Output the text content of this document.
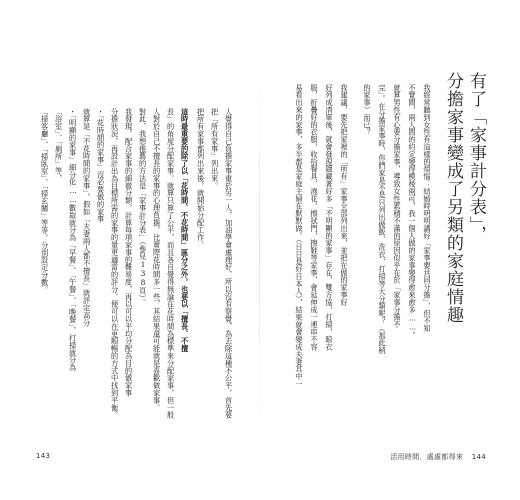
有了「家事計分表」，
分擔家事變成了另類的家庭情趣
我經常聽到女性有這樣的煩惱：結婚時明明講好「家事要共同分擔」，但不知
不覺間，兩人間的約定變得模稜兩可，我一個人做的家事變得愈來愈多……。
就算男性有心要分擔家事，導致女性累積不滿的原因似乎在於「家事分擔不
完」。在分擔家事時，你們家是不是只列出做飯、洗衣、打掃等大分類呢？（那此稍
的家事）而已？
我建議，要先把家裡的「所有」家事全部列出來，並把在做的家事好
好列成清單後，就會發現隱藏著好多「不明顯的家事」存在，雙方協，打掃，晾衣
服，折疊好的衣服，收拾餐具，澆花，擦拭門，擦鞋等家事，會延伸成一連串不容
易看出來的家事，多半都是家庭主婦在默默做。（日日是好日本人），結果就會變成夫妻其中一
人覺得自己負擔家事重於另一人，加油學會處理好，所以沒有察覺，為去除這種不公平，首先要
把「所有家事」列出來。
把所有家事都列出來後，就開始分配工作。
這時最重要的除了以「花時間、不花時間」區分之外，也要以「擅長、不擅
長」的角度分配家事。就算只算了公平，而且各自覺得無論在花時間為標準來分配家事，但一般
人對於自己不擅長的家事的心理負擔，比實際花時間多一些，其結果還可能就是喜歡做家事。
對此，我想推薦的方法是「家事計分表」（參見138頁）。
我發現，配合家事的細微分類，計算每項家事的難易度，再以可以平均分配為目的做家事
分擔狀況，再設計出為目標所需的家事的量更適當的評分，便可以在更順暢的方式中找到平衡。
・「花時間的家事」沒必要做的家事
就算是「不花時間的家事」，假如「夫妻兩人都不擅長」就評定高分
・「明顯的家事」細分化……數取就分為「早餐」、「午餐」、「晚餐」，打掃就分為
「浴室」、「廁所」等，
「掃客廳」、「掃臥室」、「掃玄關」等等，分別設定分數。
143	活用時間．處處都得來 144
